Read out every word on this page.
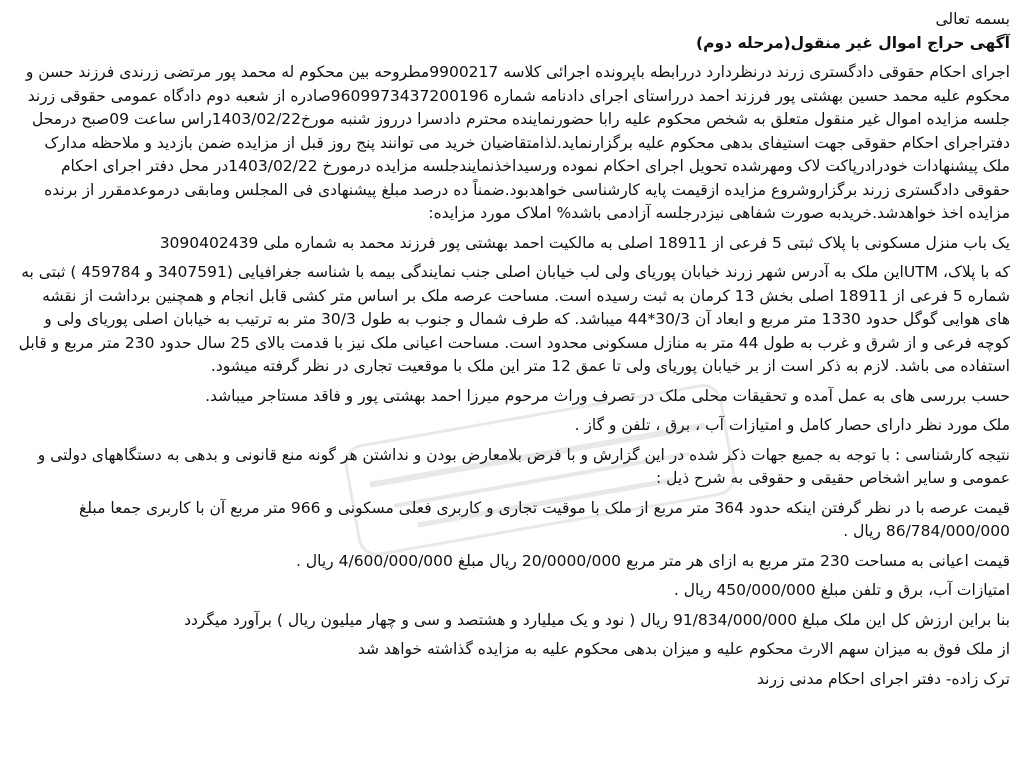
بسمه تعالی

آگهی حراج اموال غیر منقول(مرحله دوم)

اجرای احکام حقوقی دادگستری زرند درنظردارد دررابطه باپرونده اجرائی کلاسه 9900217مطروحه بین محکوم له محمد پور مرتضی زرندی فرزند حسن و محکوم علیه محمد حسین بهشتی پور فرزند احمد درراستای اجرای دادنامه شماره 9609973437200196صادره از شعبه دوم دادگاه عمومی حقوقی زرند جلسه مزایده اموال غیر منقول متعلق به شخص محکوم علیه رابا حضورنماینده محترم دادسرا درروز شنبه مورخ1403/02/22راس ساعت 09صبح درمحل دفتراجرای احکام حقوقی جهت استیفای بدهی محکوم علیه برگزارنماید.لذامتقاضیان خرید می توانند پنج روز قبل از مزایده ضمن بازدید و ملاحظه مدارک ملک پیشنهادات خودرادرپاکت لاک ومهرشده تحویل اجرای احکام نموده ورسیداخذنمایندجلسه مزایده درمورخ 1403/02/22در محل دفتر اجرای احکام حقوقی دادگستری زرند برگزاروشروع مزایده ازقیمت پایه کارشناسی خواهدبود.ضمناً ده درصد مبلغ پیشنهادی فی المجلس ومابقی درموعدمقرر از برنده مزایده اخذ خواهدشد.خریدبه صورت شفاهی نیزدرجلسه آزادمی باشد% املاک مورد مزایده:

یک باب منزل مسکونی با پلاک ثبتی 5 فرعی از 18911 اصلی به مالکیت احمد بهشتی پور فرزند محمد به شماره ملی 3090402439

که با پلاک، UTMاین ملک به آدرس شهر زرند خیابان پوریای ولی لب خیابان اصلی جنب نمایندگی بیمه با شناسه جغرافیایی (3407591 و 459784 ) ثبتی به شماره 5 فرعی از 18911 اصلی بخش 13 کرمان به ثبت رسیده است. مساحت عرصه ملک بر اساس متر کشی قابل انجام و همچنین برداشت از نقشه های هوایی گوگل حدود 1330 متر مربع و ابعاد آن 30/3*44 میباشد. که طرف شمال و جنوب به طول 30/3 متر به ترتیب به خیابان اصلی پوریای ولی و کوچه فرعی و از شرق و غرب به طول 44 متر به منازل مسکونی محدود است. مساحت اعیانی ملک نیز با قدمت بالای 25 سال حدود 230 متر مربع و قابل استفاده می باشد. لازم به ذکر است از بر خیابان پوریای ولی تا عمق 12 متر این ملک با موقعیت تجاری در نظر گرفته میشود.

حسب بررسی های به عمل آمده و تحقیقات محلی ملک در تصرف وراث مرحوم میرزا احمد بهشتی پور و فاقد مستاجر میباشد.

ملک مورد نظر دارای حصار کامل و امتیازات آب ، برق ، تلفن و گاز .

نتیجه کارشناسی : با توجه به جمیع جهات ذکر شده در این گزارش و با فرض بلامعارض بودن و نداشتن هر گونه منع قانونی و بدهی به دستگاههای دولتی و عمومی و سایر اشخاص حقیقی و حقوقی به شرح ذیل :

قیمت عرصه با در نظر گرفتن اینکه حدود 364 متر مربع از ملک با موقیت تجاری و کاربری فعلی مسکونی و 966 متر مربع آن با کاربری جمعا مبلغ 86/784/000/000 ریال .

قیمت اعیانی به مساحت 230 متر مربع به ازای هر متر مربع 20/0000/000 ریال مبلغ 4/600/000/000 ریال .

امتیازات آب، برق و تلفن مبلغ 450/000/000 ریال .

بنا براین ارزش کل این ملک مبلغ 91/834/000/000 ریال ( نود و یک میلیارد و هشتصد و سی و چهار میلیون ریال ) برآورد میگردد

از ملک فوق به میزان سهم الارث محکوم علیه و میزان بدهی محکوم علیه به مزایده گذاشته خواهد شد

ترک زاده- دفتر اجرای احکام مدنی زرند
